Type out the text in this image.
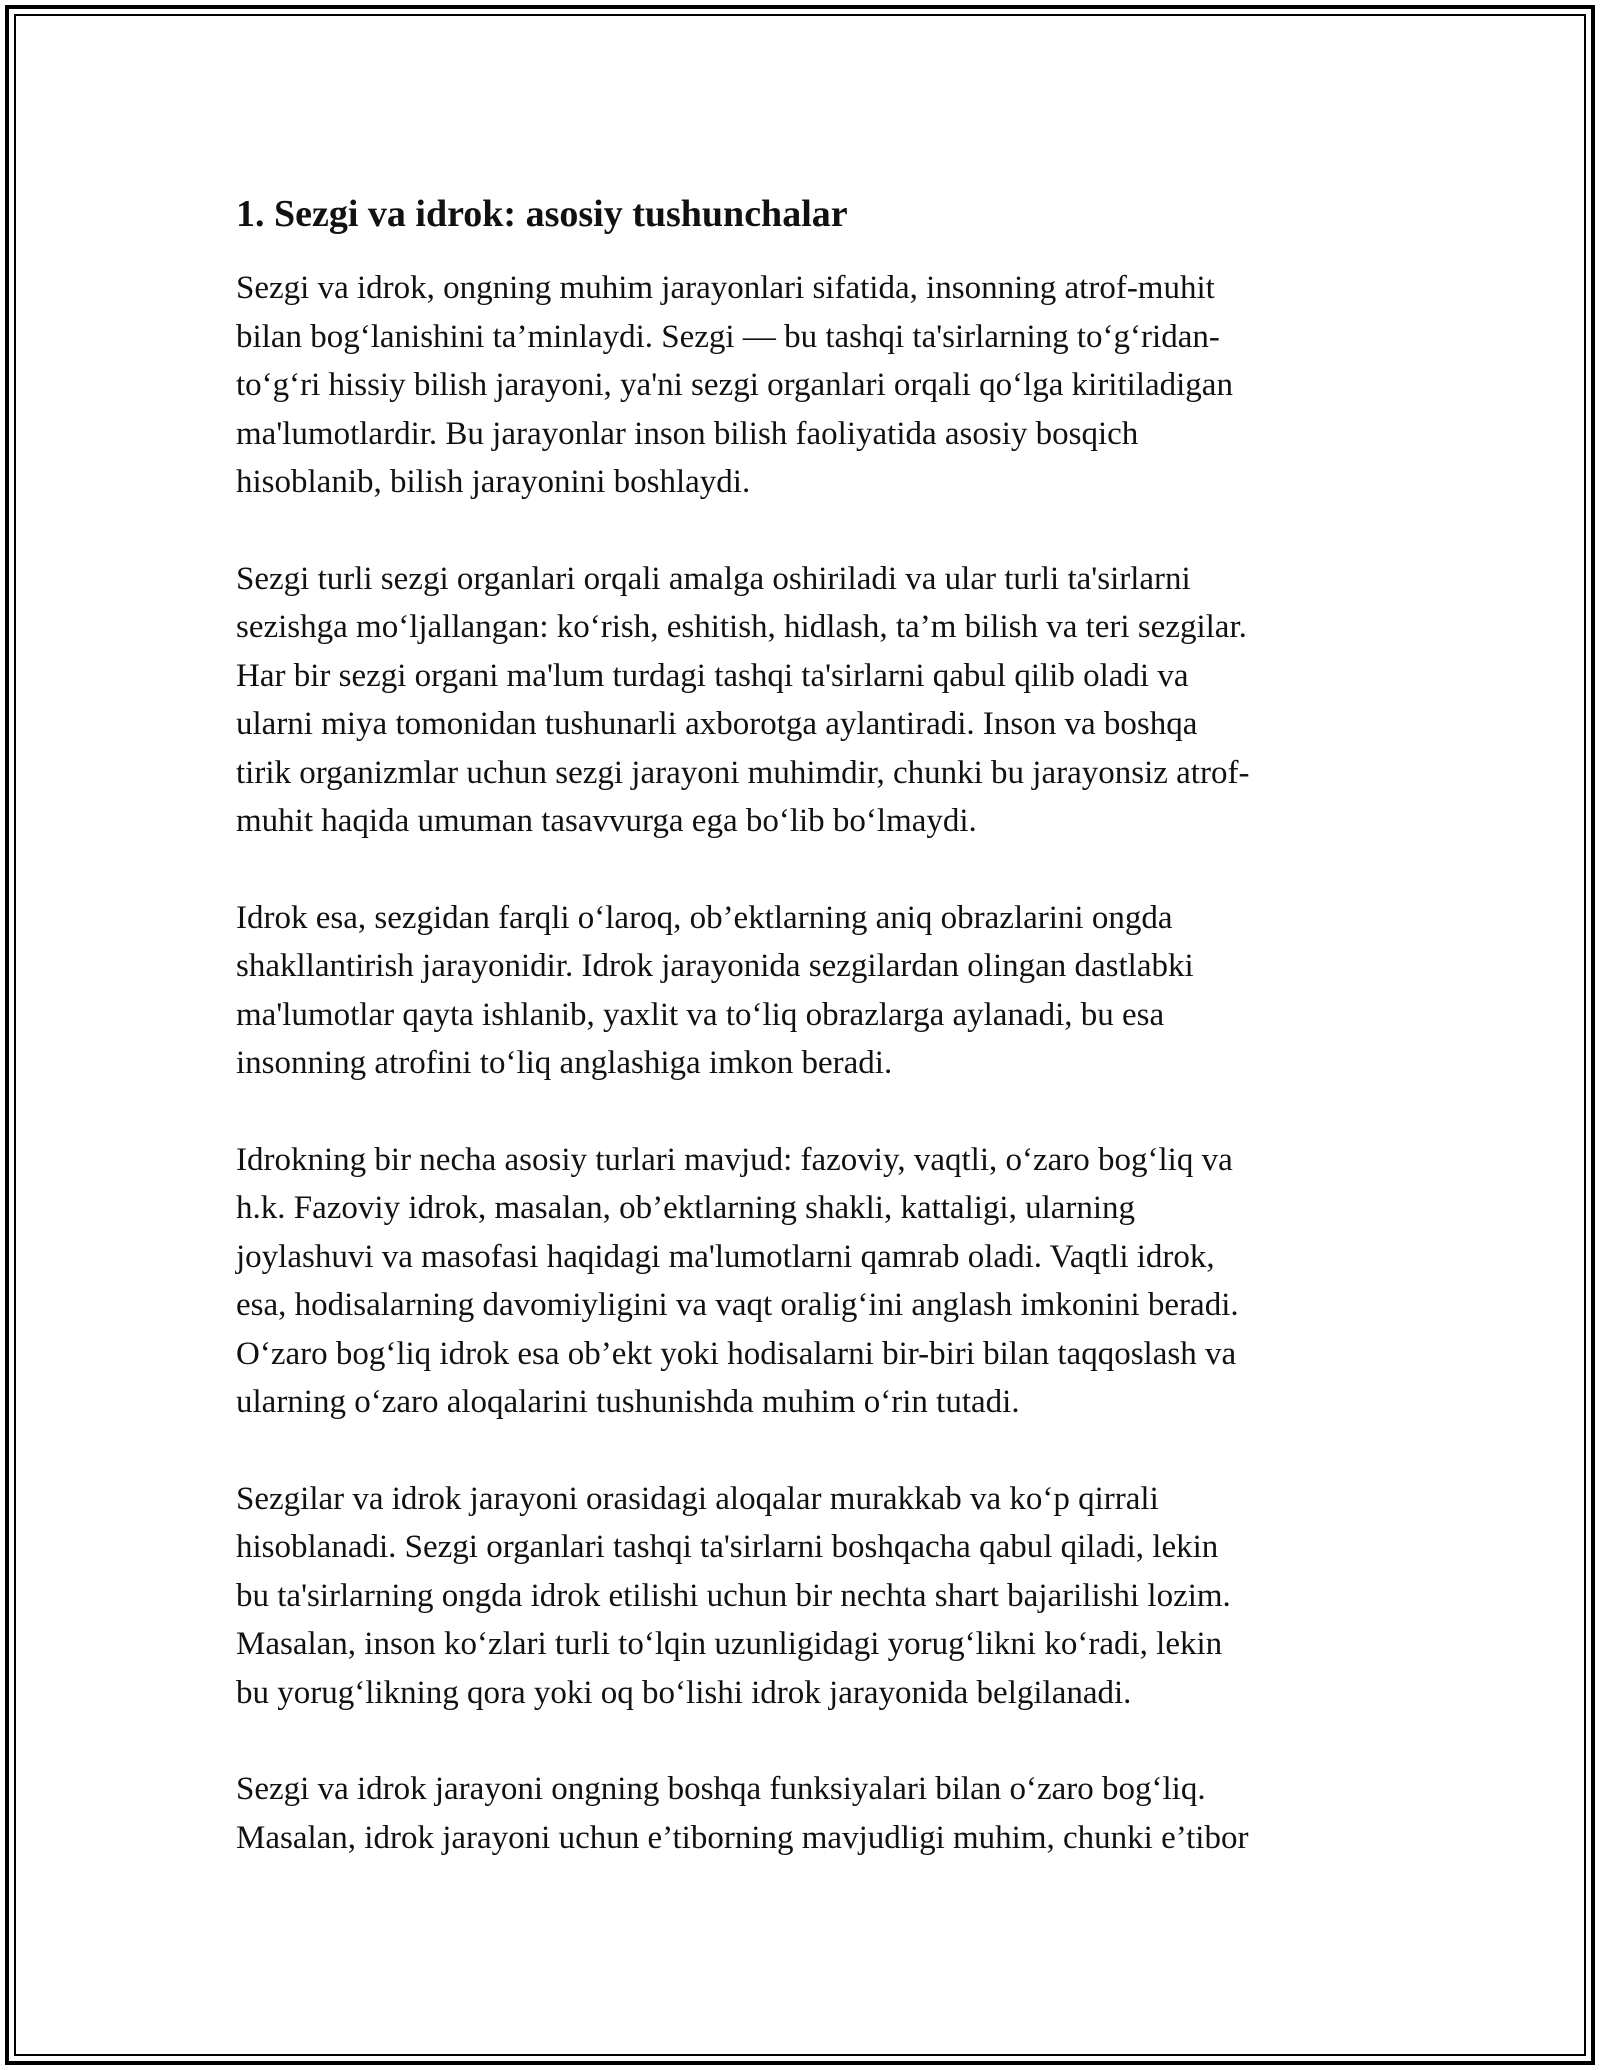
1. Sezgi va idrok: asosiy tushunchalar

Sezgi va idrok, ongning muhim jarayonlari sifatida, insonning atrof-muhit
bilan bog‘lanishini ta’minlaydi. Sezgi — bu tashqi ta'sirlarning to‘g‘ridan-
to‘g‘ri hissiy bilish jarayoni, ya'ni sezgi organlari orqali qo‘lga kiritiladigan
ma'lumotlardir. Bu jarayonlar inson bilish faoliyatida asosiy bosqich
hisoblanib, bilish jarayonini boshlaydi.

Sezgi turli sezgi organlari orqali amalga oshiriladi va ular turli ta'sirlarni
sezishga mo‘ljallangan: ko‘rish, eshitish, hidlash, ta’m bilish va teri sezgilar.
Har bir sezgi organi ma'lum turdagi tashqi ta'sirlarni qabul qilib oladi va
ularni miya tomonidan tushunarli axborotga aylantiradi. Inson va boshqa
tirik organizmlar uchun sezgi jarayoni muhimdir, chunki bu jarayonsiz atrof-
muhit haqida umuman tasavvurga ega bo‘lib bo‘lmaydi.

Idrok esa, sezgidan farqli o‘laroq, ob’ektlarning aniq obrazlarini ongda
shakllantirish jarayonidir. Idrok jarayonida sezgilardan olingan dastlabki
ma'lumotlar qayta ishlanib, yaxlit va to‘liq obrazlarga aylanadi, bu esa
insonning atrofini to‘liq anglashiga imkon beradi.

Idrokning bir necha asosiy turlari mavjud: fazoviy, vaqtli, o‘zaro bog‘liq va
h.k. Fazoviy idrok, masalan, ob’ektlarning shakli, kattaligi, ularning
joylashuvi va masofasi haqidagi ma'lumotlarni qamrab oladi. Vaqtli idrok,
esa, hodisalarning davomiyligini va vaqt oralig‘ini anglash imkonini beradi.
O‘zaro bog‘liq idrok esa ob’ekt yoki hodisalarni bir-biri bilan taqqoslash va
ularning o‘zaro aloqalarini tushunishda muhim o‘rin tutadi.

Sezgilar va idrok jarayoni orasidagi aloqalar murakkab va ko‘p qirrali
hisoblanadi. Sezgi organlari tashqi ta'sirlarni boshqacha qabul qiladi, lekin
bu ta'sirlarning ongda idrok etilishi uchun bir nechta shart bajarilishi lozim.
Masalan, inson ko‘zlari turli to‘lqin uzunligidagi yorug‘likni ko‘radi, lekin
bu yorug‘likning qora yoki oq bo‘lishi idrok jarayonida belgilanadi.

Sezgi va idrok jarayoni ongning boshqa funksiyalari bilan o‘zaro bog‘liq.
Masalan, idrok jarayoni uchun e’tiborning mavjudligi muhim, chunki e’tibor
